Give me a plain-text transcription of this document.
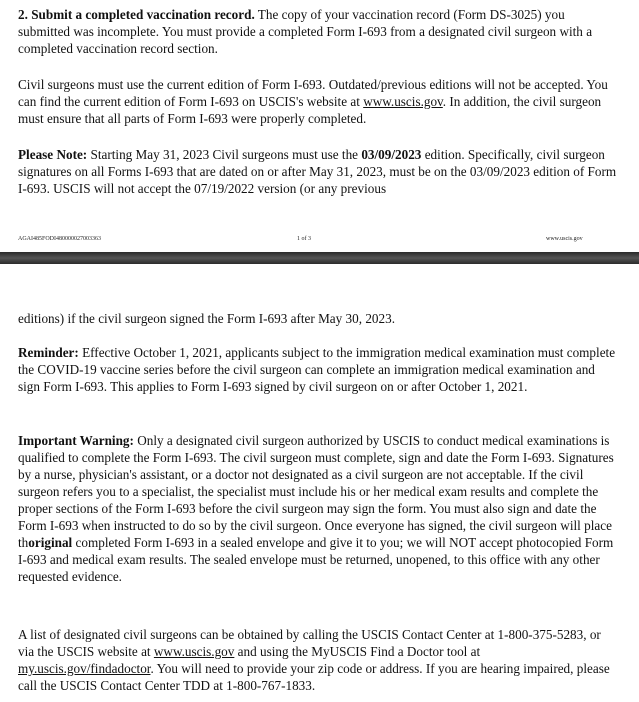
2. Submit a completed vaccination record. The copy of your vaccination record (Form DS-3025) you submitted was incomplete. You must provide a completed Form I-693 from a designated civil surgeon with a completed vaccination record section.

Civil surgeons must use the current edition of Form I-693. Outdated/previous editions will not be accepted. You can find the current edition of Form I-693 on USCIS's website at www.uscis.gov. In addition, the civil surgeon must ensure that all parts of Form I-693 were properly completed.

Please Note: Starting May 31, 2023 Civil surgeons must use the 03/09/2023 edition. Specifically, civil surgeon signatures on all Forms I-693 that are dated on or after May 31, 2023, must be on the 03/09/2023 edition of Form I-693. USCIS will not accept the 07/19/2022 version (or any previous

AGAI485FODI480000027003363	1 of 3	www.uscis.gov

editions) if the civil surgeon signed the Form I-693 after May 30, 2023.

Reminder: Effective October 1, 2021, applicants subject to the immigration medical examination must complete the COVID-19 vaccine series before the civil surgeon can complete an immigration medical examination and sign Form I-693. This applies to Form I-693 signed by civil surgeon on or after October 1, 2021.

Important Warning: Only a designated civil surgeon authorized by USCIS to conduct medical examinations is qualified to complete the Form I-693. The civil surgeon must complete, sign and date the Form I-693. Signatures by a nurse, physician's assistant, or a doctor not designated as a civil surgeon are not acceptable. If the civil surgeon refers you to a specialist, the specialist must include his or her medical exam results and complete the proper sections of the Form I-693 before the civil surgeon may sign the form. You must also sign and date the Form I-693 when instructed to do so by the civil surgeon. Once everyone has signed, the civil surgeon will place thoriginal completed Form I-693 in a sealed envelope and give it to you; we will NOT accept photocopied Form I-693 and medical exam results. The sealed envelope must be returned, unopened, to this office with any other requested evidence.

A list of designated civil surgeons can be obtained by calling the USCIS Contact Center at 1-800-375-5283, or via the USCIS website at www.uscis.gov and using the MyUSCIS Find a Doctor tool at my.uscis.gov/findadoctor. You will need to provide your zip code or address. If you are hearing impaired, please call the USCIS Contact Center TDD at 1-800-767-1833.
